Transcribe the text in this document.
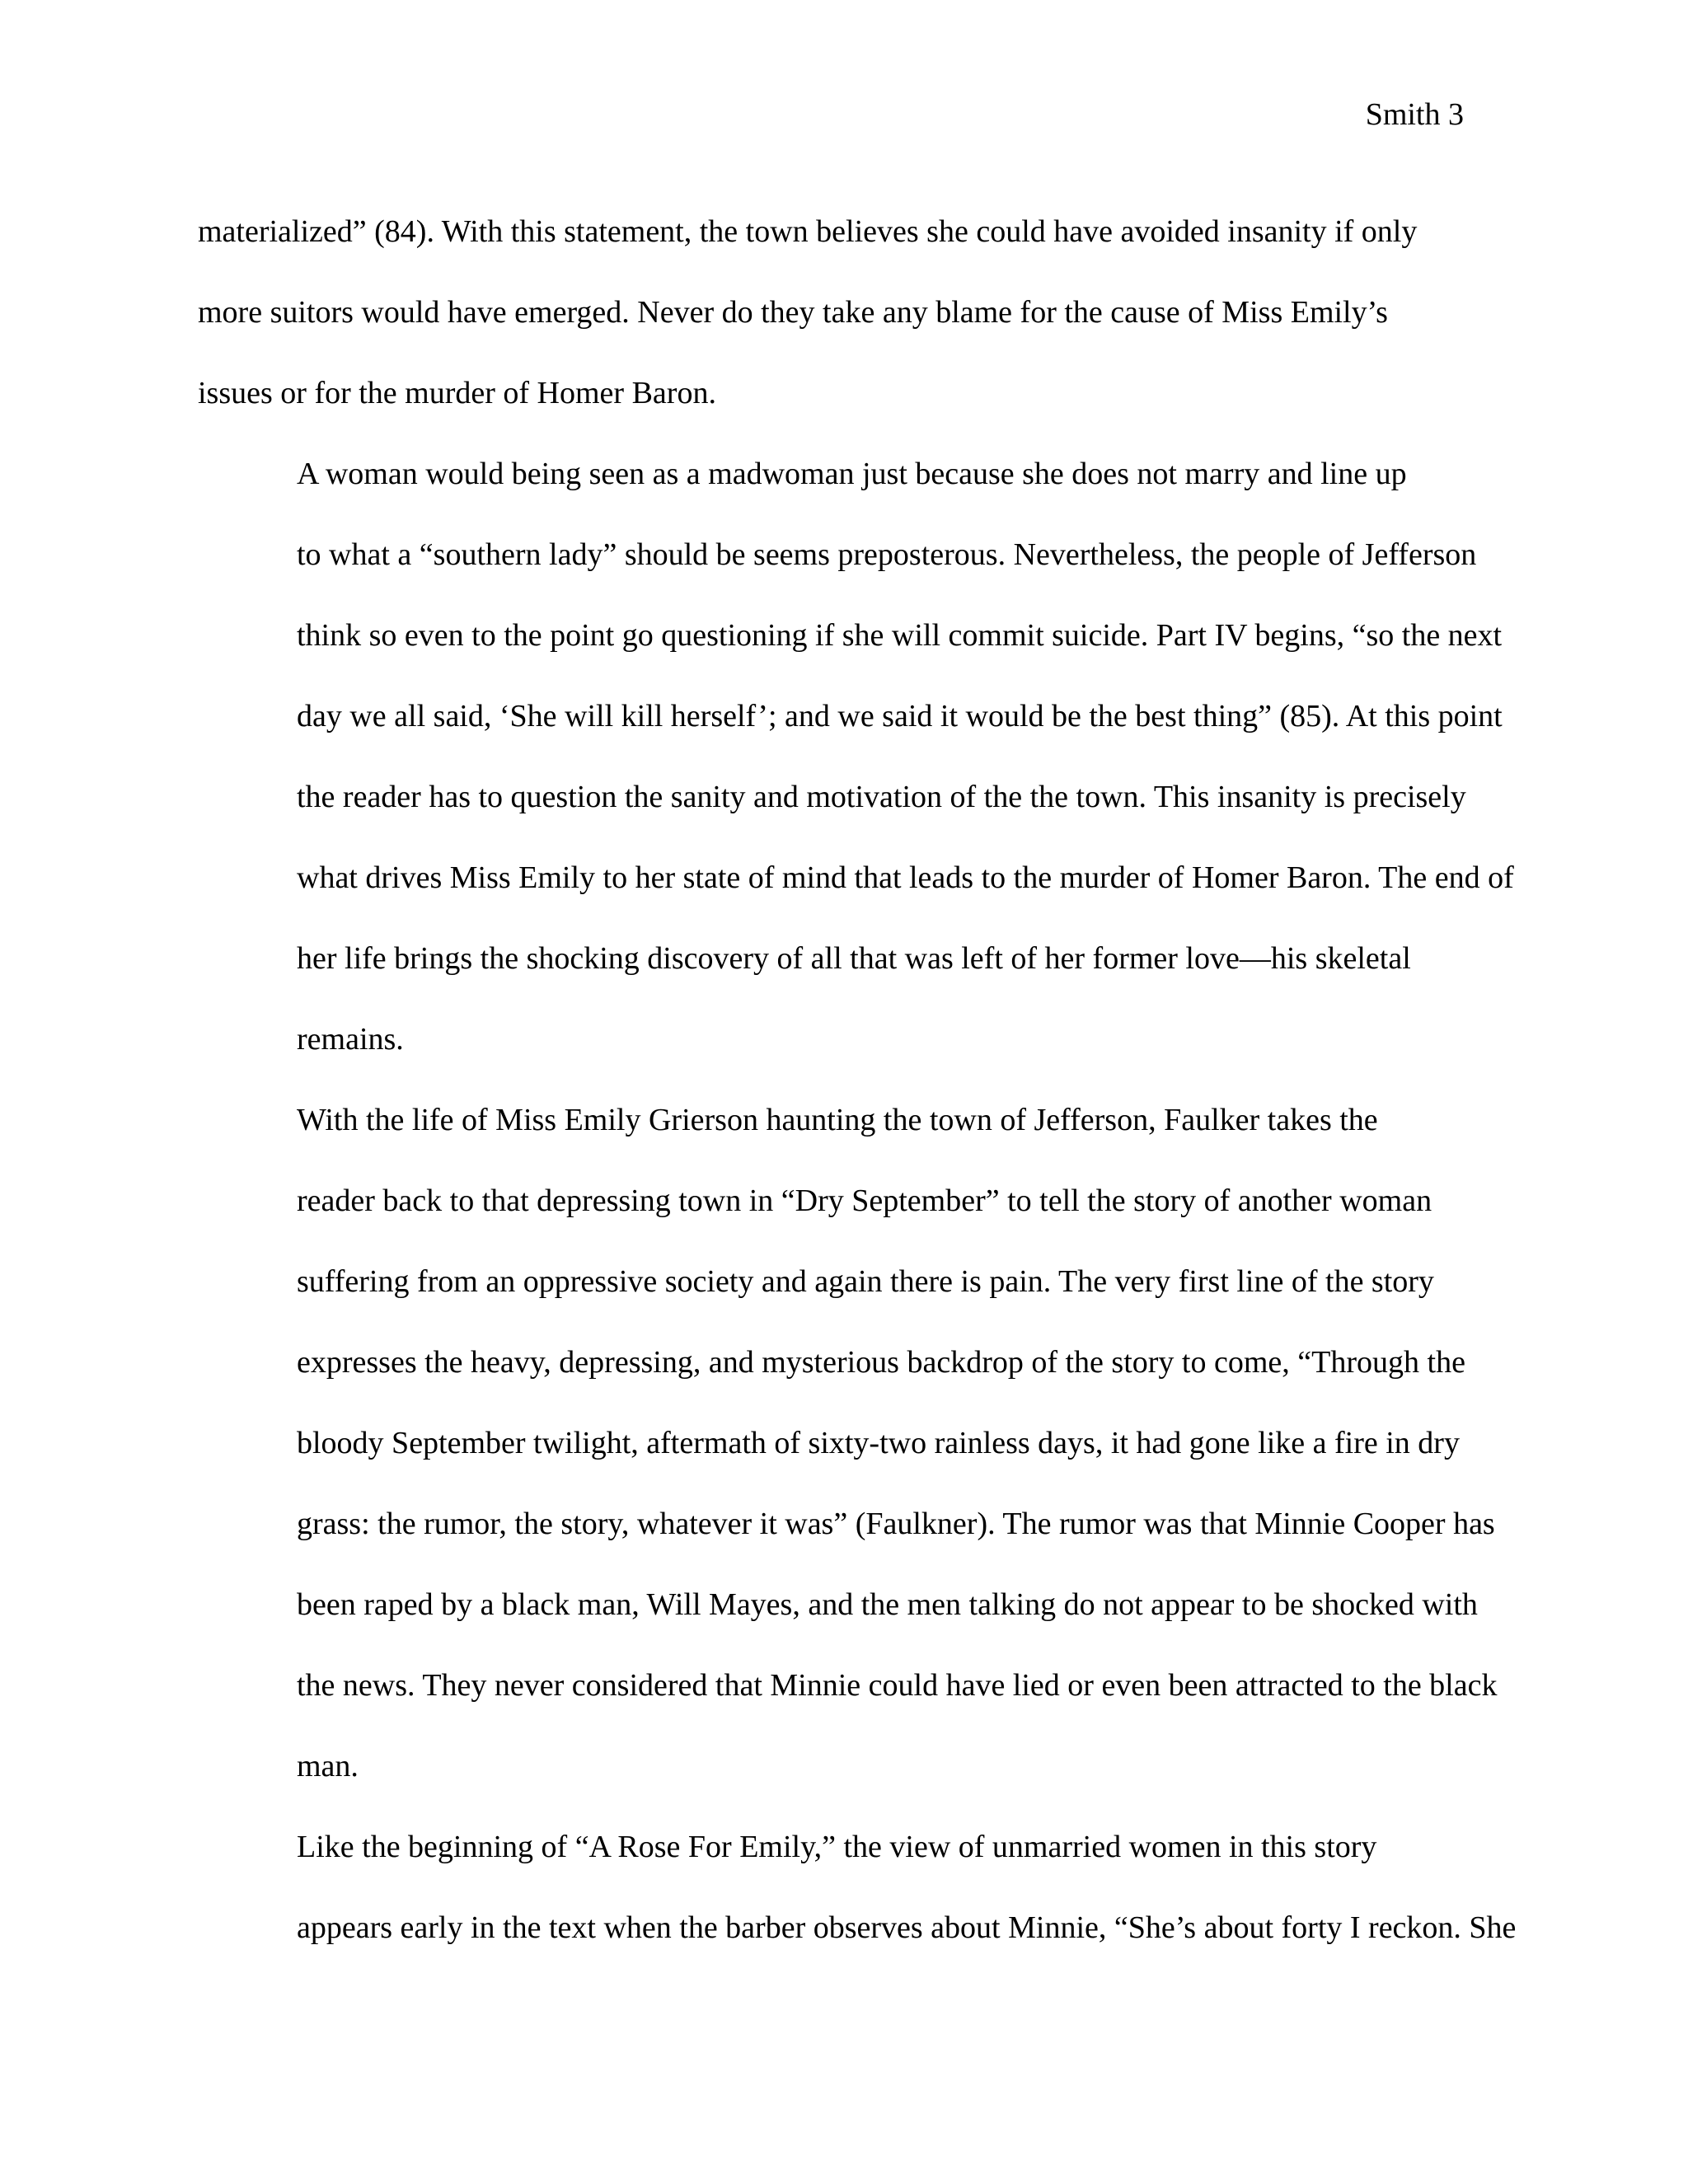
Smith 3

materialized” (84). With this statement, the town believes she could have avoided insanity if only
more suitors would have emerged. Never do they take any blame for the cause of Miss Emily’s
issues or for the murder of Homer Baron.

A woman would being seen as a madwoman just because she does not marry and line up
to what a “southern lady” should be seems preposterous. Nevertheless, the people of Jefferson
think so even to the point go questioning if she will commit suicide. Part IV begins, “so the next
day we all said, ‘She will kill herself’; and we said it would be the best thing” (85). At this point
the reader has to question the sanity and motivation of the the town. This insanity is precisely
what drives Miss Emily to her state of mind that leads to the murder of Homer Baron. The end of
her life brings the shocking discovery of all that was left of her former love—his skeletal
remains.

With the life of Miss Emily Grierson haunting the town of Jefferson, Faulker takes the
reader back to that depressing town in “Dry September” to tell the story of another woman
suffering from an oppressive society and again there is pain. The very first line of the story
expresses the heavy, depressing, and mysterious backdrop of the story to come, “Through the
bloody September twilight, aftermath of sixty-two rainless days, it had gone like a fire in dry
grass: the rumor, the story, whatever it was” (Faulkner). The rumor was that Minnie Cooper has
been raped by a black man, Will Mayes, and the men talking do not appear to be shocked with
the news. They never considered that Minnie could have lied or even been attracted to the black
man.

Like the beginning of “A Rose For Emily,” the view of unmarried women in this story
appears early in the text when the barber observes about Minnie, “She’s about forty I reckon. She
